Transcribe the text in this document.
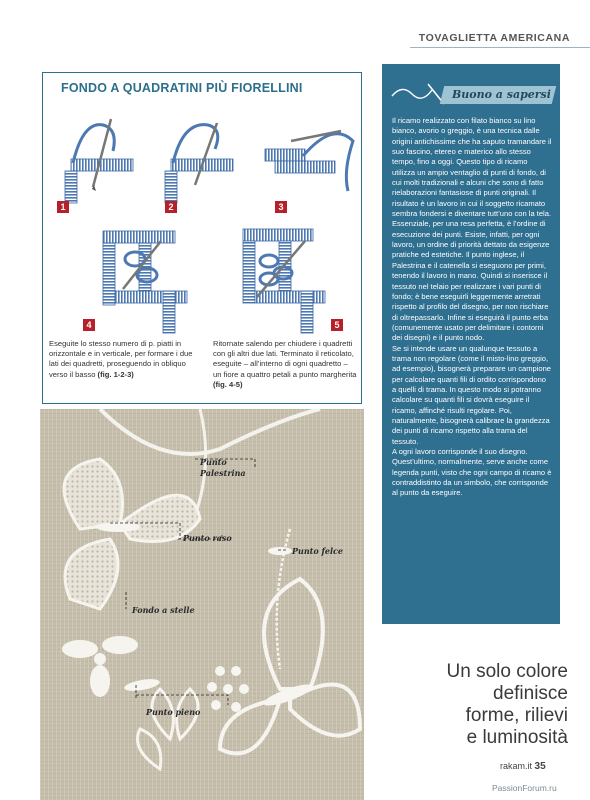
TOVAGLIETTA AMERICANA
FONDO A QUADRATINI PIÙ FIORELLINI
1	2	3
4	5
Eseguite lo stesso numero di p. piatti in orizzontale e in verticale, per formare i due lati dei quadretti, proseguendo in obliquo verso il basso (fig. 1-2-3)
Ritornate salendo per chiudere i quadretti con gli altri due lati. Terminato il reticolato, eseguite – all’interno di ogni quadretto – un fiore a quattro petali a punto margherita (fig. 4-5)
Buono a sapersi

Il ricamo realizzato con filato bianco su lino bianco, avorio o greggio, è una tecnica dalle origini antichissime che ha saputo tramandare il suo fascino, etereo e materico allo stesso tempo, fino a oggi. Questo tipo di ricamo utilizza un ampio ventaglio di punti di fondo, di cui molti tradizionali e alcuni che sono di fatto rielaborazioni fantasiose di punti originali. Il risultato è un lavoro in cui il soggetto ricamato sembra fondersi e diventare tutt’uno con la tela.

Essenziale, per una resa perfetta, è l’ordine di esecuzione dei punti. Esiste, infatti, per ogni lavoro, un ordine di priorità dettato da esigenze pratiche ed estetiche. Il punto inglese, il Palestrina e il catenella si eseguono per primi, tenendo il lavoro in mano. Quindi si inserisce il tessuto nel telaio per realizzare i vari punti di fondo; è bene eseguirli leggermente arretrati rispetto al profilo del disegno, per non rischiare di oltrepassarlo. Infine si eseguirà il punto erba (comunemente usato per delimitare i contorni dei disegni) e il punto nodo.

Se si intende usare un qualunque tessuto a trama non regolare (come il misto-lino greggio, ad esempio), bisognerà preparare un campione per calcolare quanti fili di ordito corrispondono a quelli di trama. In questo modo si potranno calcolare su quanti fili si dovrà eseguire il ricamo, affinché risulti regolare. Poi, naturalmente, bisognerà calibrare la grandezza dei punti di ricamo rispetto alla trama del tessuto.

A ogni lavoro corrisponde il suo disegno. Quest’ultimo, normalmente, serve anche come legenda punti, visto che ogni campo di ricamo è contraddistinto da un simbolo, che corrisponde al punto da eseguire.

Punto Palestrina
Punto raso
Punto felce
Fondo a stelle
Punto pieno
Un solo colore
definisce
forme, rilievi
e luminosità
rakam.it 35
PassionForum.ru
